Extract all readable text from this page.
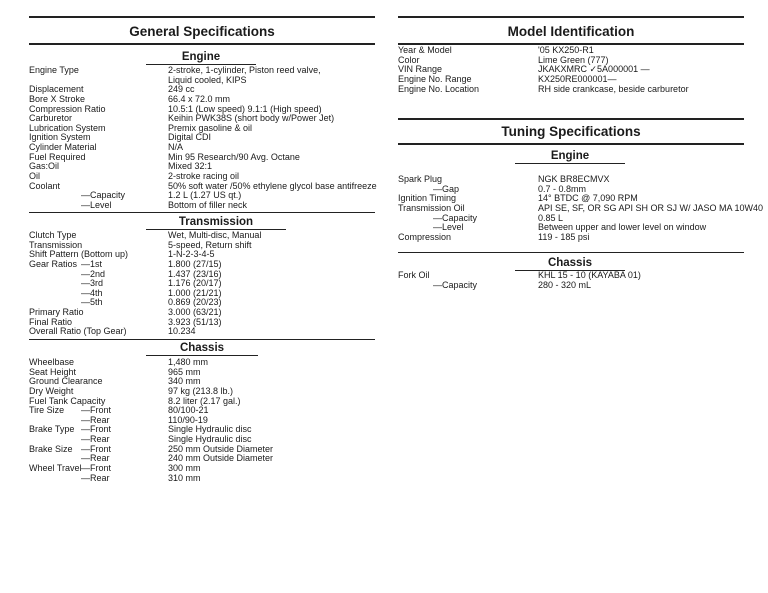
General Specifications
Engine
Engine Type	2-stroke, 1-cylinder, Piston reed valve,
Liquid cooled, KIPS
Displacement	249 cc
Bore X Stroke	66.4 x 72.0 mm
Compression Ratio	10.5:1 (Low speed) 9.1:1 (High speed)
Carburetor	Keihin PWK38S (short body w/Power Jet)
Lubrication System	Premix gasoline & oil
Ignition System	Digital CDI
Cylinder Material	N/A
Fuel Required	Min 95 Research/90 Avg. Octane
Gas:Oil	Mixed 32:1
Oil	2-stroke racing oil
Coolant	50% soft water /50% ethylene glycol base antifreeze
—Capacity	1.2 L (1.27 US qt.)
—Level	Bottom of filler neck
Transmission
Clutch Type	Wet, Multi-disc, Manual
Transmission	5-speed, Return shift
Shift Pattern (Bottom up)	1-N-2-3-4-5
Gear Ratios —1st	1.800 (27/15)
—2nd	1.437 (23/16)
—3rd	1.176 (20/17)
—4th	1.000 (21/21)
—5th	0.869 (20/23)
Primary Ratio	3.000 (63/21)
Final Ratio	3.923 (51/13)
Overall Ratio (Top Gear)	10.234
Chassis
Wheelbase	1,480 mm
Seat Height	965 mm
Ground Clearance	340 mm
Dry Weight	97 kg (213.8 lb.)
Fuel Tank Capacity	8.2 liter (2.17 gal.)
Tire Size —Front	80/100-21
—Rear	110/90-19
Brake Type —Front	Single Hydraulic disc
—Rear	Single Hydraulic disc
Brake Size —Front	250 mm Outside Diameter
—Rear	240 mm Outside Diameter
Wheel Travel —Front	300 mm
—Rear	310 mm
Model Identification
Year & Model	'05 KX250-R1
Color	Lime Green (777)
VIN Range	JKAKXMRC ✓5A000001 —
Engine No. Range	KX250RE000001—
Engine No. Location	RH side crankcase, beside carburetor
Tuning Specifications
Engine
Spark Plug	NGK BR8ECMVX
—Gap	0.7 - 0.8mm
Ignition Timing	14° BTDC @ 7,090 RPM
Transmission Oil	API SE, SF, OR SG API SH OR SJ W/ JASO MA 10W40
—Capacity	0.85 L
—Level	Between upper and lower level on window
Compression	119 - 185 psi
Chassis
Fork Oil	KHL 15 - 10 (KAYABA 01)
—Capacity	280 - 320 mL
